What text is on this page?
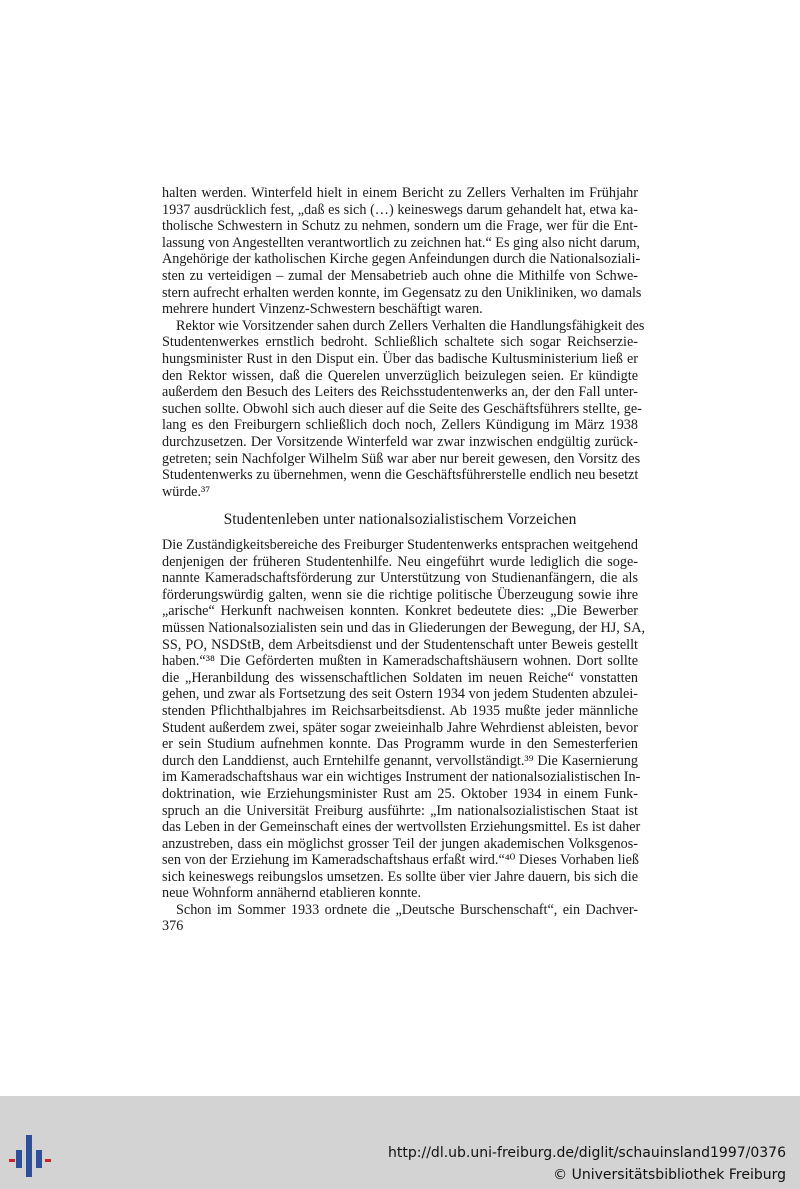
halten werden. Winterfeld hielt in einem Bericht zu Zellers Verhalten im Frühjahr
1937 ausdrücklich fest, „daß es sich (…) keineswegs darum gehandelt hat, etwa ka-
tholische Schwestern in Schutz zu nehmen, sondern um die Frage, wer für die Ent-
lassung von Angestellten verantwortlich zu zeichnen hat.“ Es ging also nicht darum,
Angehörige der katholischen Kirche gegen Anfeindungen durch die Nationalsoziali-
sten zu verteidigen – zumal der Mensabetrieb auch ohne die Mithilfe von Schwe-
stern aufrecht erhalten werden konnte, im Gegensatz zu den Unikliniken, wo damals
mehrere hundert Vinzenz-Schwestern beschäftigt waren.

Rektor wie Vorsitzender sahen durch Zellers Verhalten die Handlungsfähigkeit des
Studentenwerkes ernstlich bedroht. Schließlich schaltete sich sogar Reichserzie-
hungsminister Rust in den Disput ein. Über das badische Kultusministerium ließ er
den Rektor wissen, daß die Querelen unverzüglich beizulegen seien. Er kündigte
außerdem den Besuch des Leiters des Reichsstudentenwerks an, der den Fall unter-
suchen sollte. Obwohl sich auch dieser auf die Seite des Geschäftsführers stellte, ge-
lang es den Freiburgern schließlich doch noch, Zellers Kündigung im März 1938
durchzusetzen. Der Vorsitzende Winterfeld war zwar inzwischen endgültig zurück-
getreten; sein Nachfolger Wilhelm Süß war aber nur bereit gewesen, den Vorsitz des
Studentenwerks zu übernehmen, wenn die Geschäftsführerstelle endlich neu besetzt
würde.³⁷

Studentenleben unter nationalsozialistischem Vorzeichen

Die Zuständigkeitsbereiche des Freiburger Studentenwerks entsprachen weitgehend
denjenigen der früheren Studentenhilfe. Neu eingeführt wurde lediglich die soge-
nannte Kameradschaftsförderung zur Unterstützung von Studienanfängern, die als
förderungswürdig galten, wenn sie die richtige politische Überzeugung sowie ihre
„arische“ Herkunft nachweisen konnten. Konkret bedeutete dies: „Die Bewerber
müssen Nationalsozialisten sein und das in Gliederungen der Bewegung, der HJ, SA,
SS, PO, NSDStB, dem Arbeitsdienst und der Studentenschaft unter Beweis gestellt
haben.“³⁸ Die Geförderten mußten in Kameradschaftshäusern wohnen. Dort sollte
die „Heranbildung des wissenschaftlichen Soldaten im neuen Reiche“ vonstatten
gehen, und zwar als Fortsetzung des seit Ostern 1934 von jedem Studenten abzulei-
stenden Pflichthalbjahres im Reichsarbeitsdienst. Ab 1935 mußte jeder männliche
Student außerdem zwei, später sogar zweieinhalb Jahre Wehrdienst ableisten, bevor
er sein Studium aufnehmen konnte. Das Programm wurde in den Semesterferien
durch den Landdienst, auch Erntehilfe genannt, vervollständigt.³⁹ Die Kasernierung
im Kameradschaftshaus war ein wichtiges Instrument der nationalsozialistischen In-
doktrination, wie Erziehungsminister Rust am 25. Oktober 1934 in einem Funk-
spruch an die Universität Freiburg ausführte: „Im nationalsozialistischen Staat ist
das Leben in der Gemeinschaft eines der wertvollsten Erziehungsmittel. Es ist daher
anzustreben, dass ein möglichst grosser Teil der jungen akademischen Volksgenos-
sen von der Erziehung im Kameradschaftshaus erfaßt wird.“⁴⁰ Dieses Vorhaben ließ
sich keineswegs reibungslos umsetzen. Es sollte über vier Jahre dauern, bis sich die
neue Wohnform annähernd etablieren konnte.

Schon im Sommer 1933 ordnete die „Deutsche Burschenschaft“, ein Dachver-

376
http://dl.ub.uni-freiburg.de/diglit/schauinsland1997/0376
© Universitätsbibliothek Freiburg
